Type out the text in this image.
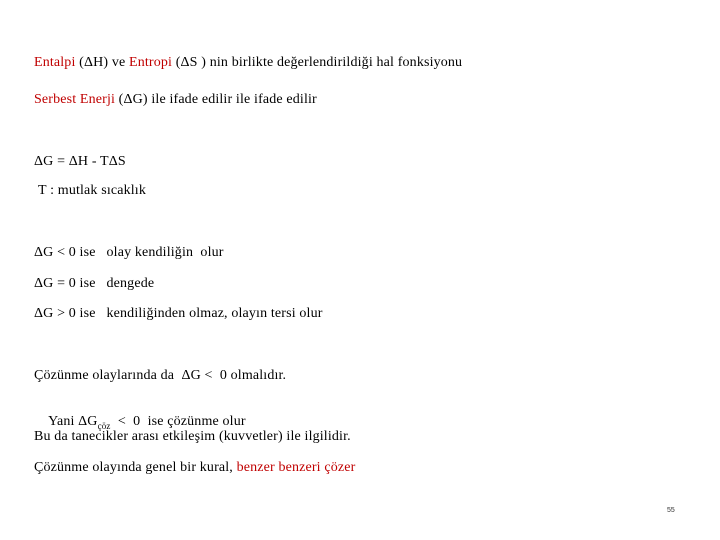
Entalpi (ΔH) ve Entropi (ΔS ) nin birlikte değerlendirildiği hal fonksiyonu
Serbest Enerji (ΔG) ile ifade edilir ile ifade edilir
ΔG = ΔH - TΔS
T : mutlak sıcaklık
ΔG < 0 ise   olay kendiliğin  olur
ΔG = 0 ise   dengede
ΔG > 0 ise   kendiliğinden olmaz, olayın tersi olur
Çözünme olaylarında da  ΔG <  0 olmalıdır.

Yani $\Delta G_{çöz} < 0$  ise çözünme olur

Bu da tanecikler arası etkileşim (kuvvetler) ile ilgilidir.
Çözünme olayında genel bir kural, benzer benzeri çözer
55
